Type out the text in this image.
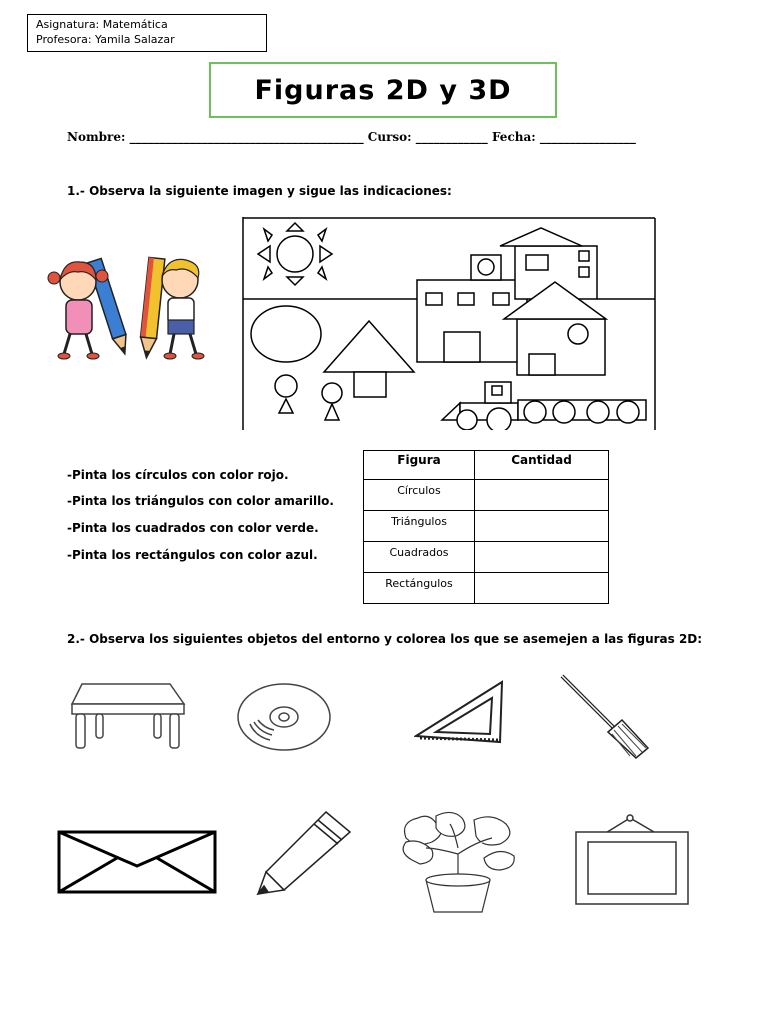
Asignatura: Matemática
Profesora: Yamila Salazar
Figuras 2D y 3D
Nombre: _______________________________________ Curso: ____________ Fecha: ________________
1.- Observa la siguiente imagen y sigue las indicaciones:
-Pinta los círculos con color rojo.
-Pinta los triángulos con color amarillo.
-Pinta los cuadrados con color verde.
-Pinta los rectángulos con color azul.
Figura	Cantidad
Círculos	
Triángulos	
Cuadrados	
Rectángulos	
2.- Observa los siguientes objetos del entorno y colorea los que se asemejen a las figuras 2D:
